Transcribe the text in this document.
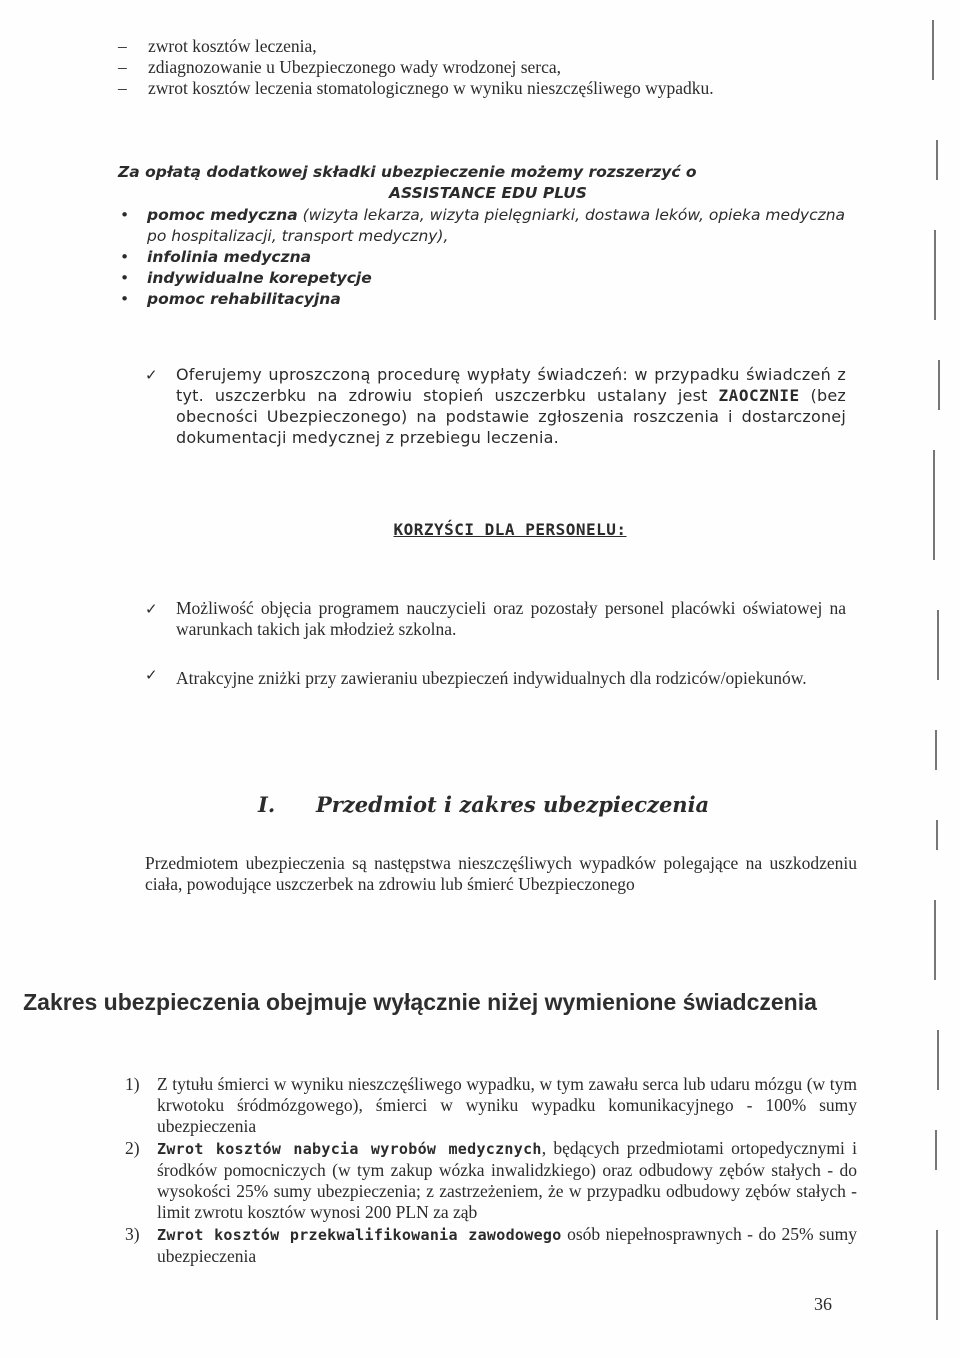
– zwrot kosztów leczenia,
– zdiagnozowanie u Ubezpieczonego wady wrodzonej serca,
– zwrot kosztów leczenia stomatologicznego w wyniku nieszczęśliwego wypadku.
Za opłatą dodatkowej składki ubezpieczenie możemy rozszerzyć o
ASSISTANCE EDU PLUS
• pomoc medyczna (wizyta lekarza, wizyta pielęgniarki, dostawa leków, opieka medyczna po hospitalizacji, transport medyczny),
• infolinia medyczna
• indywidualne korepetycje
• pomoc rehabilitacyjna
✓ Oferujemy uproszczoną procedurę wypłaty świadczeń: w przypadku świadczeń z tyt. uszczerbku na zdrowiu stopień uszczerbku ustalany jest ZAOCZNIE (bez obecności Ubezpieczonego) na podstawie zgłoszenia roszczenia i dostarczonej dokumentacji medycznej z przebiegu leczenia.
KORZYŚCI DLA PERSONELU:
✓ Możliwość objęcia programem nauczycieli oraz pozostały personel placówki oświatowej na warunkach takich jak młodzież szkolna.
✓ Atrakcyjne zniżki przy zawieraniu ubezpieczeń indywidualnych dla rodziców/opiekunów.
I. Przedmiot i zakres ubezpieczenia
Przedmiotem ubezpieczenia są następstwa nieszczęśliwych wypadków polegające na uszkodzeniu ciała, powodujące uszczerbek na zdrowiu lub śmierć Ubezpieczonego
Zakres ubezpieczenia obejmuje wyłącznie niżej wymienione świadczenia
1) Z tytułu śmierci w wyniku nieszczęśliwego wypadku, w tym zawału serca lub udaru mózgu (w tym krwotoku śródmózgowego), śmierci w wyniku wypadku komunikacyjnego - 100% sumy ubezpieczenia
2) Zwrot kosztów nabycia wyrobów medycznych, będących przedmiotami ortopedycznymi i środków pomocniczych (w tym zakup wózka inwalidzkiego) oraz odbudowy zębów stałych - do wysokości 25% sumy ubezpieczenia; z zastrzeżeniem, że w przypadku odbudowy zębów stałych - limit zwrotu kosztów wynosi 200 PLN za ząb
3) Zwrot kosztów przekwalifikowania zawodowego osób niepełnosprawnych - do 25% sumy ubezpieczenia
36
